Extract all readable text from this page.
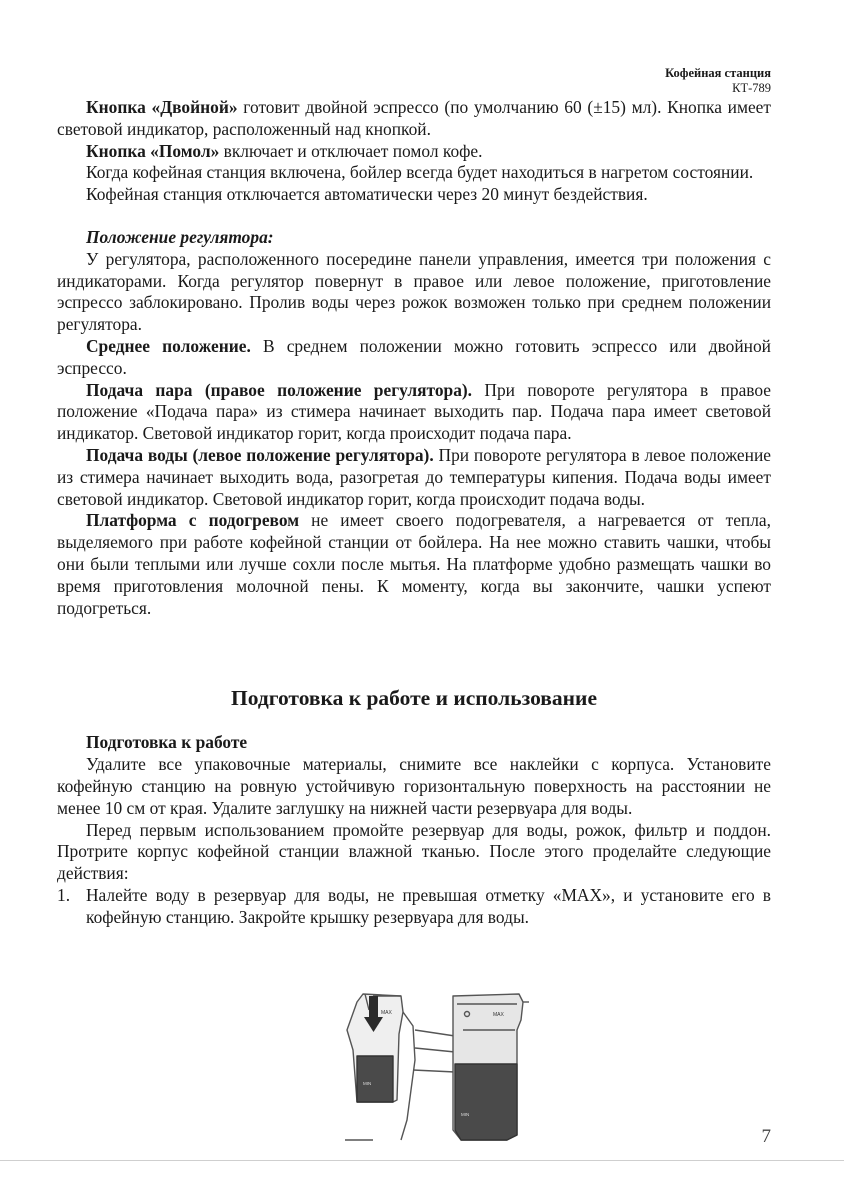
Кофейная станция
КТ-789

Кнопка «Двойной» готовит двойной эспрессо (по умолчанию 60 (±15) мл). Кнопка имеет световой индикатор, расположенный над кнопкой.

Кнопка «Помол» включает и отключает помол кофе.

Когда кофейная станция включена, бойлер всегда будет находиться в нагретом состоянии.

Кофейная станция отключается автоматически через 20 минут бездействия.

Положение регулятора:

У регулятора, расположенного посередине панели управления, имеется три положения с индикаторами. Когда регулятор повернут в правое или левое положение, приготовление эспрессо заблокировано. Пролив воды через рожок возможен только при среднем положении регулятора.

Среднее положение. В среднем положении можно готовить эспрессо или двойной эспрессо.

Подача пара (правое положение регулятора). При повороте регулятора в правое положение «Подача пара» из стимера начинает выходить пар. Подача пара имеет световой индикатор. Световой индикатор горит, когда происходит подача пара.

Подача воды (левое положение регулятора). При повороте регулятора в левое положение из стимера начинает выходить вода, разогретая до температуры кипения. Подача воды имеет световой индикатор. Световой индикатор горит, когда происходит подача воды.

Платформа с подогревом не имеет своего подогревателя, а нагревается от тепла, выделяемого при работе кофейной станции от бойлера. На нее можно ставить чашки, чтобы они были теплыми или лучше сохли после мытья. На платформе удобно размещать чашки во время приготовления молочной пены. К моменту, когда вы закончите, чашки успеют подогреться.

Подготовка к работе и использование

Подготовка к работе

Удалите все упаковочные материалы, снимите все наклейки с корпуса. Установите кофейную станцию на ровную устойчивую горизонтальную поверхность на расстоянии не менее 10 см от края. Удалите заглушку на нижней части резервуара для воды.

Перед первым использованием промойте резервуар для воды, рожок, фильтр и поддон. Протрите корпус кофейной станции влажной тканью. После этого проделайте следующие действия:

1. Налейте воду в резервуар для воды, не превышая отметку «MAX», и установите его в кофейную станцию. Закройте крышку резервуара для воды.
MAX
MIN
MAX
MIN
7
